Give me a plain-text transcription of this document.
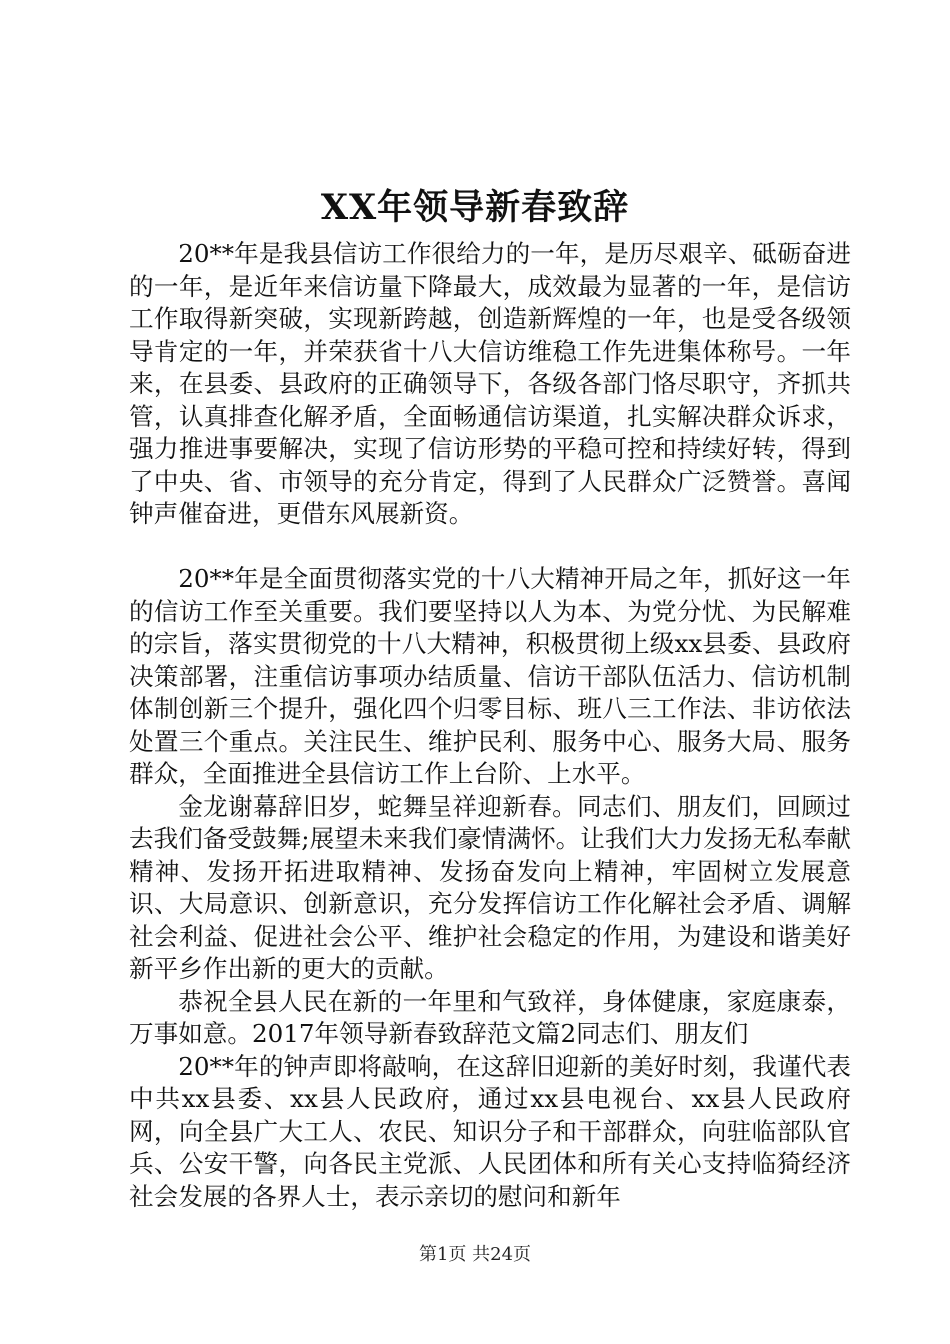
XX年领导新春致辞

20**年是我县信访工作很给力的一年，是历尽艰辛、砥砺奋进的一年，是近年来信访量下降最大，成效最为显著的一年，是信访工作取得新突破，实现新跨越，创造新辉煌的一年，也是受各级领导肯定的一年，并荣获省十八大信访维稳工作先进集体称号。一年来，在县委、县政府的正确领导下，各级各部门恪尽职守，齐抓共管，认真排查化解矛盾，全面畅通信访渠道，扎实解决群众诉求，强力推进事要解决，实现了信访形势的平稳可控和持续好转，得到了中央、省、市领导的充分肯定，得到了人民群众广泛赞誉。喜闻钟声催奋进，更借东风展新资。

20**年是全面贯彻落实党的十八大精神开局之年，抓好这一年的信访工作至关重要。我们要坚持以人为本、为党分忧、为民解难的宗旨，落实贯彻党的十八大精神，积极贯彻上级xx县委、县政府决策部署，注重信访事项办结质量、信访干部队伍活力、信访机制体制创新三个提升，强化四个归零目标、班八三工作法、非访依法处置三个重点。关注民生、维护民利、服务中心、服务大局、服务群众，全面推进全县信访工作上台阶、上水平。

金龙谢幕辞旧岁，蛇舞呈祥迎新春。同志们、朋友们，回顾过去我们备受鼓舞;展望未来我们豪情满怀。让我们大力发扬无私奉献精神、发扬开拓进取精神、发扬奋发向上精神，牢固树立发展意识、大局意识、创新意识，充分发挥信访工作化解社会矛盾、调解社会利益、促进社会公平、维护社会稳定的作用，为建设和谐美好新平乡作出新的更大的贡献。

恭祝全县人民在新的一年里和气致祥，身体健康，家庭康泰，万事如意。2017年领导新春致辞范文篇2同志们、朋友们

20**年的钟声即将敲响，在这辞旧迎新的美好时刻，我谨代表中共xx县委、xx县人民政府，通过xx县电视台、xx县人民政府网，向全县广大工人、农民、知识分子和干部群众，向驻临部队官兵、公安干警，向各民主党派、人民团体和所有关心支持临猗经济社会发展的各界人士，表示亲切的慰问和新年

第1页 共24页
